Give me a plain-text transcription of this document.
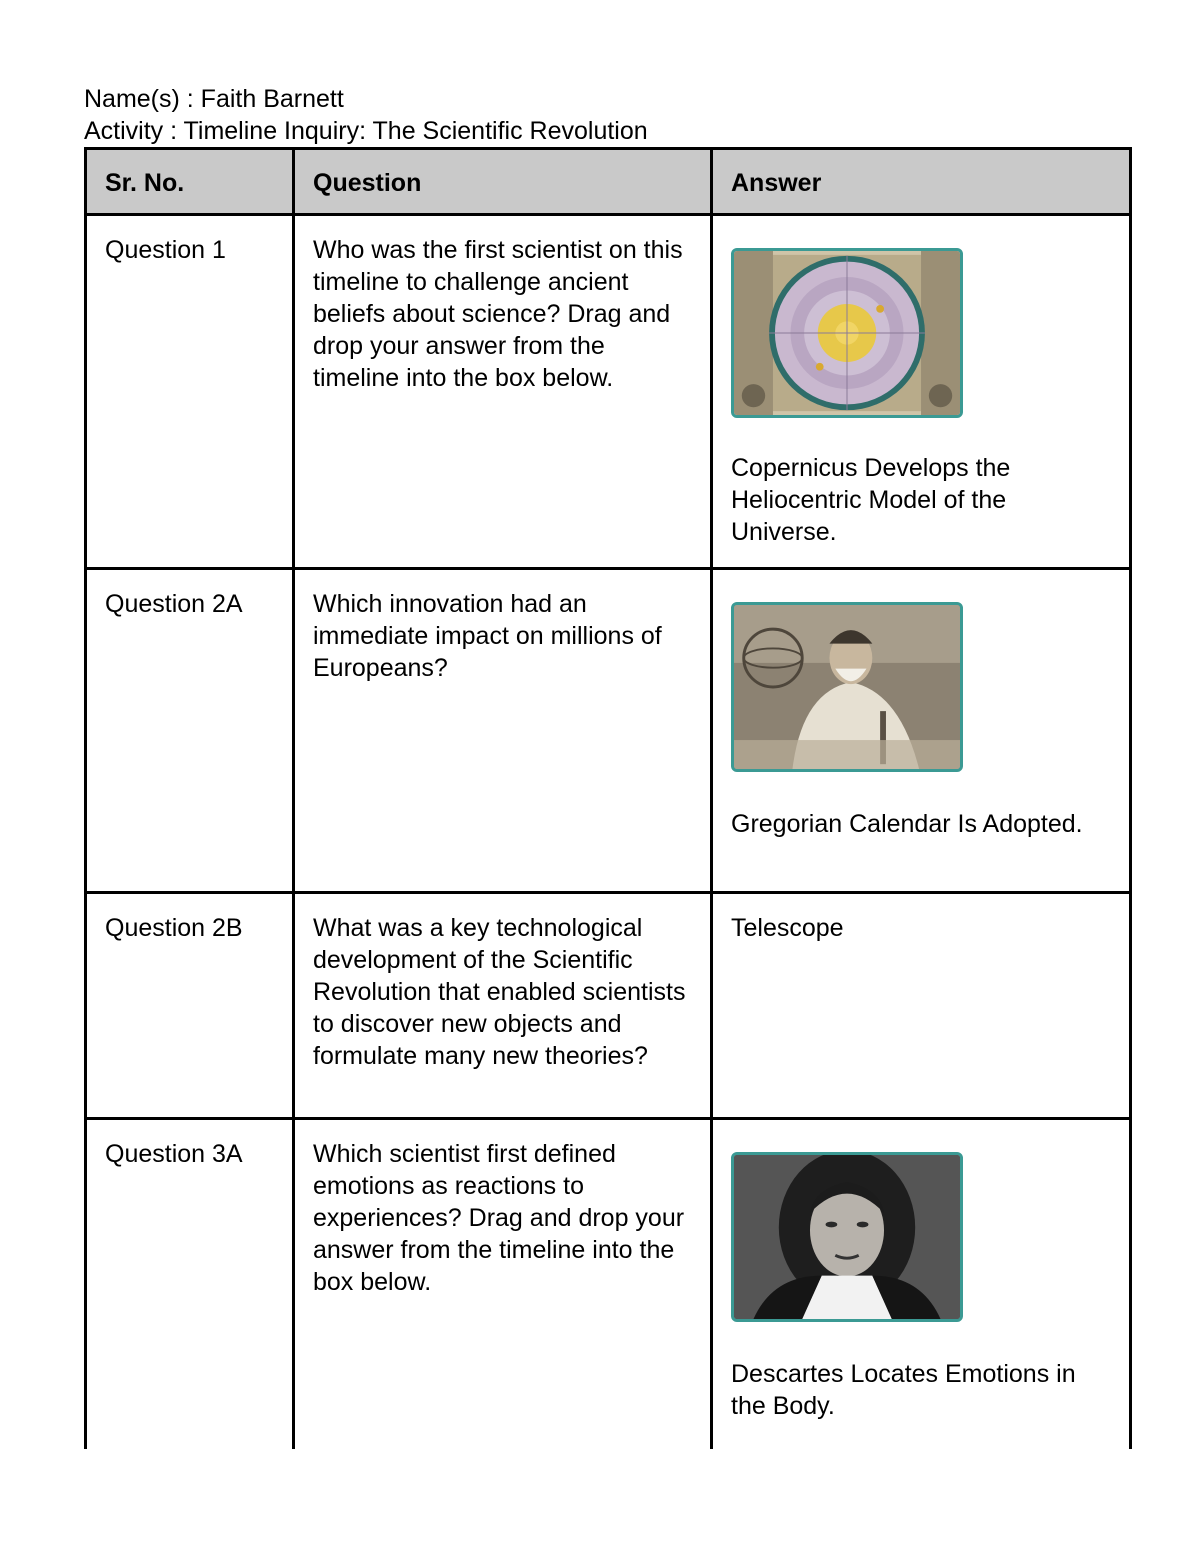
Name(s) : Faith Barnett
Activity : Timeline Inquiry: The Scientific Revolution
Sr. No.	Question	Answer
Question 1	Who was the first scientist on this timeline to challenge ancient beliefs about science? Drag and drop your answer from the timeline into the box below.	Copernicus Develops the Heliocentric Model of the Universe.

Question 2A	Which innovation had an immediate impact on millions of Europeans?	Gregorian Calendar Is Adopted.

Question 2B	What was a key technological development of the Scientific Revolution that enabled scientists to discover new objects and formulate many new theories?	Telescope

Question 3A	Which scientist first defined emotions as reactions to experiences? Drag and drop your answer from the timeline into the box below.	Descartes Locates Emotions in the Body.
